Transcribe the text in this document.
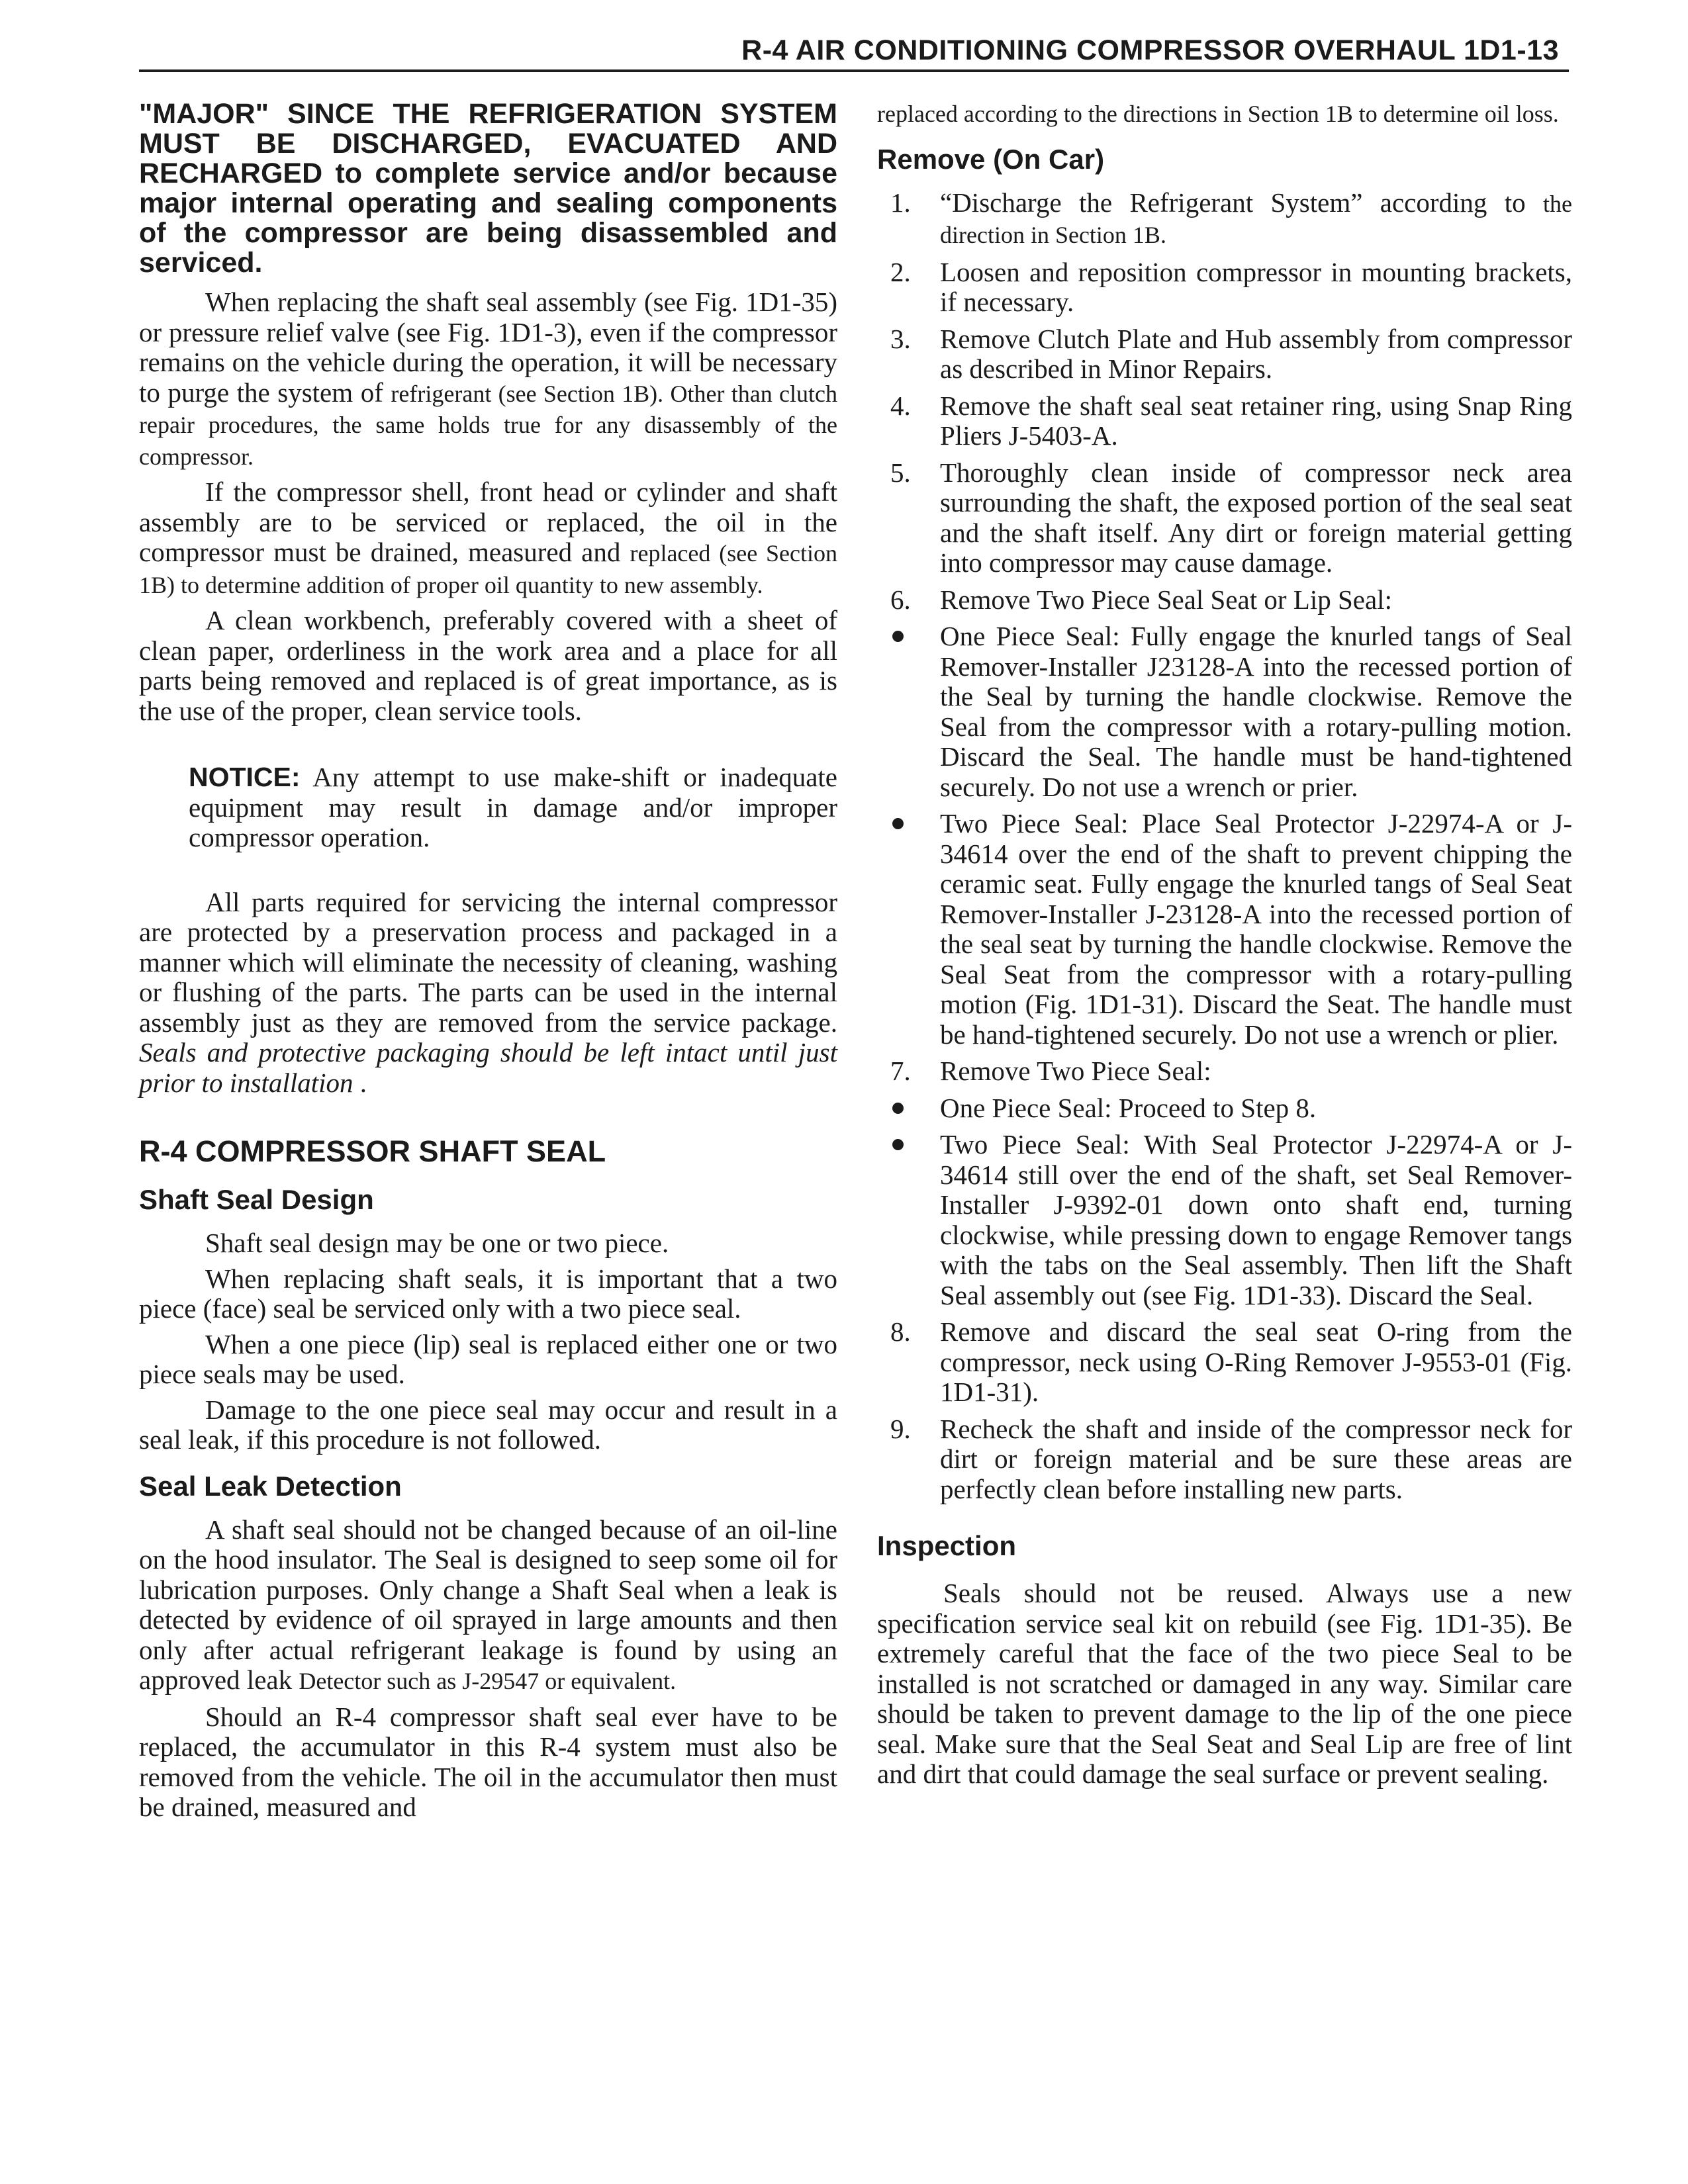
R-4 AIR CONDITIONING COMPRESSOR OVERHAUL 1D1-13
"MAJOR" SINCE THE REFRIGERATION SYSTEM MUST BE DISCHARGED, EVACUATED AND RECHARGED to complete service and/or because major internal operating and sealing components of the compressor are being disassembled and serviced.

When replacing the shaft seal assembly (see Fig. 1D1-35) or pressure relief valve (see Fig. 1D1-3), even if the compressor remains on the vehicle during the operation, it will be necessary to purge the system of refrigerant (see Section 1B). Other than clutch repair procedures, the same holds true for any disassembly of the compressor.

If the compressor shell, front head or cylinder and shaft assembly are to be serviced or replaced, the oil in the compressor must be drained, measured and replaced (see Section 1B) to determine addition of proper oil quantity to new assembly.

A clean workbench, preferably covered with a sheet of clean paper, orderliness in the work area and a place for all parts being removed and replaced is of great importance, as is the use of the proper, clean service tools.

NOTICE: Any attempt to use make-shift or inadequate equipment may result in damage and/or improper compressor operation.

All parts required for servicing the internal compressor are protected by a preservation process and packaged in a manner which will eliminate the necessity of cleaning, washing or flushing of the parts. The parts can be used in the internal assembly just as they are removed from the service package. Seals and protective packaging should be left intact until just prior to installation .

R-4 COMPRESSOR SHAFT SEAL
Shaft Seal Design

Shaft seal design may be one or two piece.

When replacing shaft seals, it is important that a two piece (face) seal be serviced only with a two piece seal.

When a one piece (lip) seal is replaced either one or two piece seals may be used.

Damage to the one piece seal may occur and result in a seal leak, if this procedure is not followed.

Seal Leak Detection

A shaft seal should not be changed because of an oil-line on the hood insulator. The Seal is designed to seep some oil for lubrication purposes. Only change a Shaft Seal when a leak is detected by evidence of oil sprayed in large amounts and then only after actual refrigerant leakage is found by using an approved leak Detector such as J-29547 or equivalent.

Should an R-4 compressor shaft seal ever have to be replaced, the accumulator in this R-4 system must also be removed from the vehicle. The oil in the accumulator then must be drained, measured and

replaced according to the directions in Section 1B to determine oil loss.

Remove (On Car)
1.	“Discharge the Refrigerant System” according to the direction in Section 1B.
2.	Loosen and reposition compressor in mounting brackets, if necessary.
3.	Remove Clutch Plate and Hub assembly from compressor as described in Minor Repairs.
4.	Remove the shaft seal seat retainer ring, using Snap Ring Pliers J-5403-A.
5.	Thoroughly clean inside of compressor neck area surrounding the shaft, the exposed portion of the seal seat and the shaft itself. Any dirt or foreign material getting into compressor may cause damage.
6.	Remove Two Piece Seal Seat or Lip Seal:
One Piece Seal: Fully engage the knurled tangs of Seal Remover-Installer J23128-A into the recessed portion of the Seal by turning the handle clockwise. Remove the Seal from the compressor with a rotary-pulling motion. Discard the Seal. The handle must be hand-tightened securely. Do not use a wrench or prier.
Two Piece Seal: Place Seal Protector J-22974-A or J-34614 over the end of the shaft to prevent chipping the ceramic seat. Fully engage the knurled tangs of Seal Seat Remover-Installer J-23128-A into the recessed portion of the seal seat by turning the handle clockwise. Remove the Seal Seat from the compressor with a rotary-pulling motion (Fig. 1D1-31). Discard the Seat. The handle must be hand-tightened securely. Do not use a wrench or plier.
7.	Remove Two Piece Seal:
One Piece Seal: Proceed to Step 8.
Two Piece Seal: With Seal Protector J-22974-A or J-34614 still over the end of the shaft, set Seal Remover-Installer J-9392-01 down onto shaft end, turning clockwise, while pressing down to engage Remover tangs with the tabs on the Seal assembly. Then lift the Shaft Seal assembly out (see Fig. 1D1-33). Discard the Seal.
8.	Remove and discard the seal seat O-ring from the compressor, neck using O-Ring Remover J-9553-01 (Fig. 1D1-31).
9.	Recheck the shaft and inside of the compressor neck for dirt or foreign material and be sure these areas are perfectly clean before installing new parts.
Inspection

Seals should not be reused. Always use a new specification service seal kit on rebuild (see Fig. 1D1-35). Be extremely careful that the face of the two piece Seal to be installed is not scratched or damaged in any way. Similar care should be taken to prevent damage to the lip of the one piece seal. Make sure that the Seal Seat and Seal Lip are free of lint and dirt that could damage the seal surface or prevent sealing.
